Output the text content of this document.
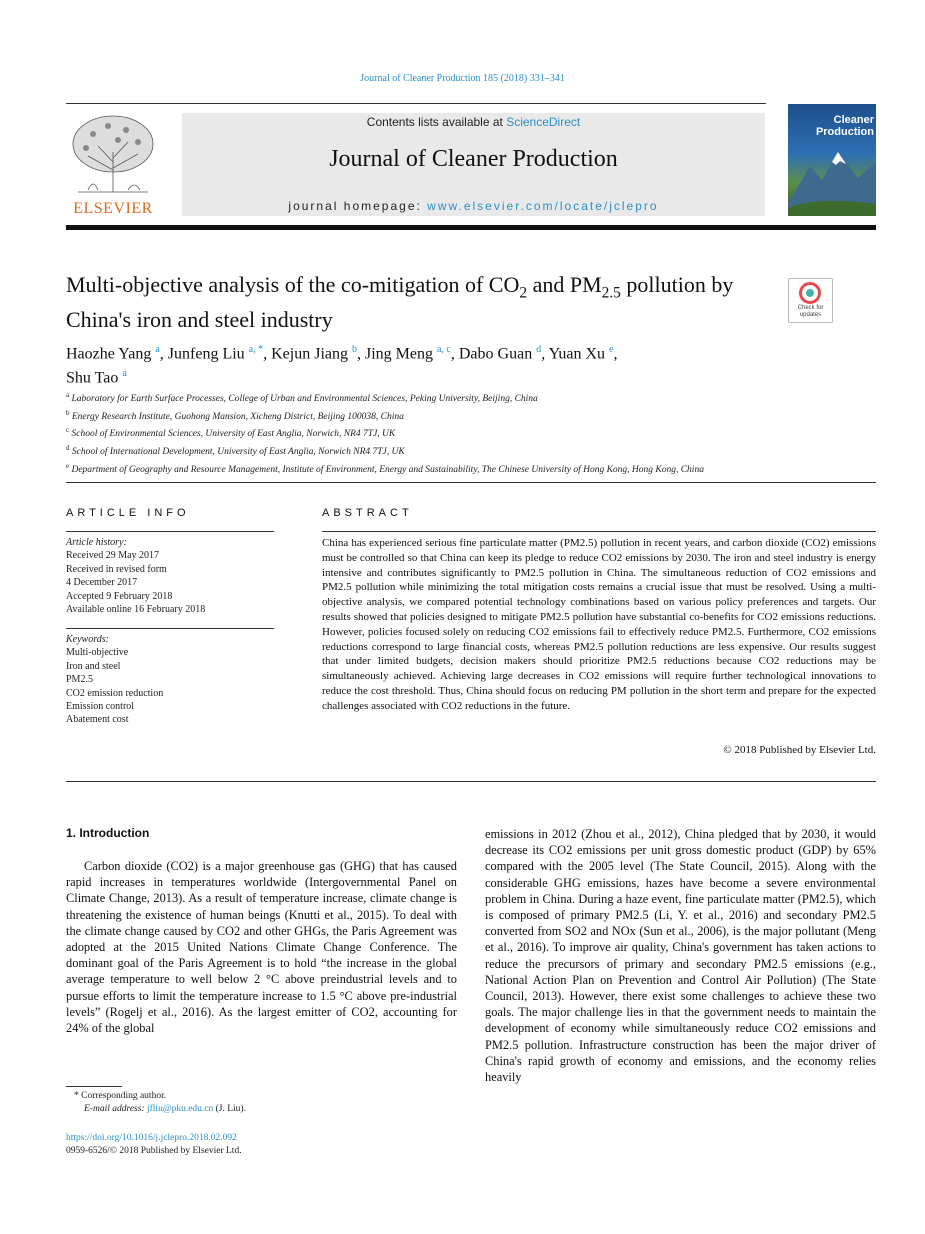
Journal of Cleaner Production 185 (2018) 331–341
ELSEVIER
Contents lists available at ScienceDirect
Journal of Cleaner Production
journal homepage: www.elsevier.com/locate/jclepro
Cleaner
Production
Multi-objective analysis of the co-mitigation of $CO_2$ and $PM_{2.5}$ pollution by China's iron and steel industry	Check for updates
Haozhe Yang $^a$, Junfeng Liu $^{a, *}$, Kejun Jiang $^b$, Jing Meng $^{a, c}$, Dabo Guan $^d$, Yuan Xu $^e$,
Shu Tao $^a$
$^a$ Laboratory for Earth Surface Processes, College of Urban and Environmental Sciences, Peking University, Beijing, China
$^b$ Energy Research Institute, Guohong Mansion, Xicheng District, Beijing 100038, China
$^c$ School of Environmental Sciences, University of East Anglia, Norwich, NR4 7TJ, UK
$^d$ School of International Development, University of East Anglia, Norwich NR4 7TJ, UK
$^e$ Department of Geography and Resource Management, Institute of Environment, Energy and Sustainability, The Chinese University of Hong Kong, Hong Kong, China
ARTICLE INFO	ABSTRACT
Article history:
Received 29 May 2017
Received in revised form
4 December 2017
Accepted 9 February 2018
Available online 16 February 2018
Keywords:
Multi-objective
Iron and steel
PM2.5
CO2 emission reduction
Emission control
Abatement cost
China has experienced serious fine particulate matter (PM2.5) pollution in recent years, and carbon dioxide (CO2) emissions must be controlled so that China can keep its pledge to reduce CO2 emissions by 2030. The iron and steel industry is energy intensive and contributes significantly to PM2.5 pollution in China. The simultaneous reduction of CO2 emissions and PM2.5 pollution while minimizing the total mitigation costs remains a crucial issue that must be resolved. Using a multi-objective analysis, we compared potential technology combinations based on various policy preferences and targets. Our results showed that policies designed to mitigate PM2.5 pollution have substantial co-benefits for CO2 emissions reductions. However, policies focused solely on reducing CO2 emissions fail to effectively reduce PM2.5. Furthermore, CO2 emissions reductions correspond to large financial costs, whereas PM2.5 pollution reductions are less expensive. Our results suggest that under limited budgets, decision makers should prioritize PM2.5 reductions because CO2 reductions may be simultaneously achieved. Achieving large decreases in CO2 emissions will require further technological innovations to reduce the cost threshold. Thus, China should focus on reducing PM pollution in the short term and prepare for the expected challenges associated with CO2 reductions in the future.
© 2018 Published by Elsevier Ltd.
1. Introduction
Carbon dioxide (CO2) is a major greenhouse gas (GHG) that has caused rapid increases in temperatures worldwide (Intergovernmental Panel on Climate Change, 2013). As a result of temperature increase, climate change is threatening the existence of human beings (Knutti et al., 2015). To deal with the climate change caused by CO2 and other GHGs, the Paris Agreement was adopted at the 2015 United Nations Climate Change Conference. The dominant goal of the Paris Agreement is to hold “the increase in the global average temperature to well below 2 °C above preindustrial levels and to pursue efforts to limit the temperature increase to 1.5 °C above pre-industrial levels” (Rogelj et al., 2016). As the largest emitter of CO2, accounting for 24% of the global
emissions in 2012 (Zhou et al., 2012), China pledged that by 2030, it would decrease its CO2 emissions per unit gross domestic product (GDP) by 65% compared with the 2005 level (The State Council, 2015). Along with the considerable GHG emissions, hazes have become a severe environmental problem in China. During a haze event, fine particulate matter (PM2.5), which is composed of primary PM2.5 (Li, Y. et al., 2016) and secondary PM2.5 converted from SO2 and NOx (Sun et al., 2006), is the major pollutant (Meng et al., 2016). To improve air quality, China's government has taken actions to reduce the precursors of primary and secondary PM2.5 emissions (e.g., National Action Plan on Prevention and Control Air Pollution) (The State Council, 2013). However, there exist some challenges to achieve these two goals. The major challenge lies in that the government needs to maintain the development of economy while simultaneously reduce CO2 emissions and PM2.5 pollution. Infrastructure construction has been the major driver of China's rapid growth of economy and emissions, and the economy relies heavily
* Corresponding author.
E-mail address: jfliu@pku.edu.cn (J. Liu).
https://doi.org/10.1016/j.jclepro.2018.02.092
0959-6526/© 2018 Published by Elsevier Ltd.
